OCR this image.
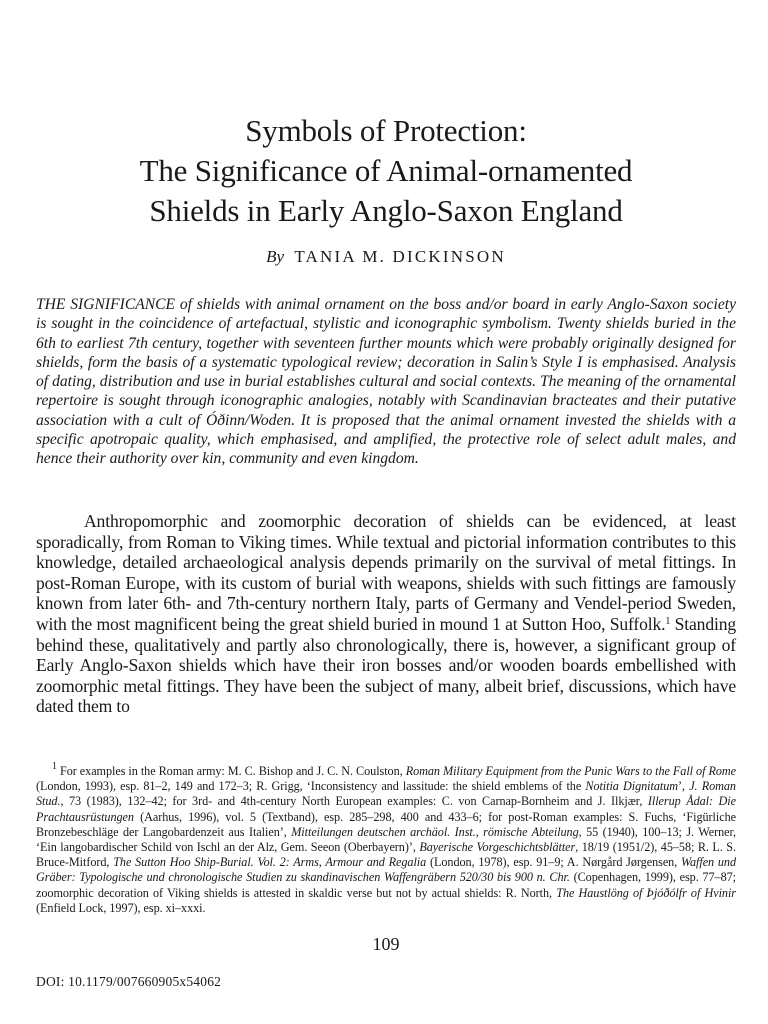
Symbols of Protection:
The Significance of Animal-ornamented
Shields in Early Anglo-Saxon England
By TANIA M. DICKINSON

THE SIGNIFICANCE of shields with animal ornament on the boss and/or board in early Anglo-Saxon society is sought in the coincidence of artefactual, stylistic and iconographic symbolism. Twenty shields buried in the 6th to earliest 7th century, together with seventeen further mounts which were probably originally designed for shields, form the basis of a systematic typological review; decoration in Salin’s Style I is emphasised. Analysis of dating, distribution and use in burial establishes cultural and social contexts. The meaning of the ornamental repertoire is sought through iconographic analogies, notably with Scandinavian bracteates and their putative association with a cult of Óðinn/Woden. It is proposed that the animal ornament invested the shields with a specific apotropaic quality, which emphasised, and amplified, the protective role of select adult males, and hence their authority over kin, community and even kingdom.

Anthropomorphic and zoomorphic decoration of shields can be evidenced, at least sporadically, from Roman to Viking times. While textual and pictorial information contributes to this knowledge, detailed archaeological analysis depends primarily on the survival of metal fittings. In post-Roman Europe, with its custom of burial with weapons, shields with such fittings are famously known from later 6th- and 7th-century northern Italy, parts of Germany and Vendel-period Sweden, with the most magnificent being the great shield buried in mound 1 at Sutton Hoo, Suffolk.$^1$ Standing behind these, qualitatively and partly also chronologically, there is, however, a significant group of Early Anglo-Saxon shields which have their iron bosses and/or wooden boards embellished with zoomorphic metal fittings. They have been the subject of many, albeit brief, discussions, which have dated them to

$^1$ For examples in the Roman army: M. C. Bishop and J. C. N. Coulston, Roman Military Equipment from the Punic Wars to the Fall of Rome (London, 1993), esp. 81–2, 149 and 172–3; R. Grigg, ‘Inconsistency and lassitude: the shield emblems of the Notitia Dignitatum’, J. Roman Stud., 73 (1983), 132–42; for 3rd- and 4th-century North European examples: C. von Carnap-Bornheim and J. Ilkjær, Illerup Ådal: Die Prachtausrüstungen (Aarhus, 1996), vol. 5 (Textband), esp. 285–298, 400 and 433–6; for post-Roman examples: S. Fuchs, ‘Figürliche Bronzebeschläge der Langobardenzeit aus Italien’, Mitteilungen deutschen archäol. Inst., römische Abteilung, 55 (1940), 100–13; J. Werner, ‘Ein langobardischer Schild von Ischl an der Alz, Gem. Seeon (Oberbayern)’, Bayerische Vorgeschichtsblätter, 18/19 (1951/2), 45–58; R. L. S. Bruce-Mitford, The Sutton Hoo Ship-Burial. Vol. 2: Arms, Armour and Regalia (London, 1978), esp. 91–9; A. Nørgård Jørgensen, Waffen und Gräber: Typologische und chronologische Studien zu skandinavischen Waffengräbern 520/30 bis 900 n. Chr. (Copenhagen, 1999), esp. 77–87; zoomorphic decoration of Viking shields is attested in skaldic verse but not by actual shields: R. North, The Haustlöng of Þjóðólfr of Hvinir (Enfield Lock, 1997), esp. xi–xxxi.

109
DOI: 10.1179/007660905x54062
